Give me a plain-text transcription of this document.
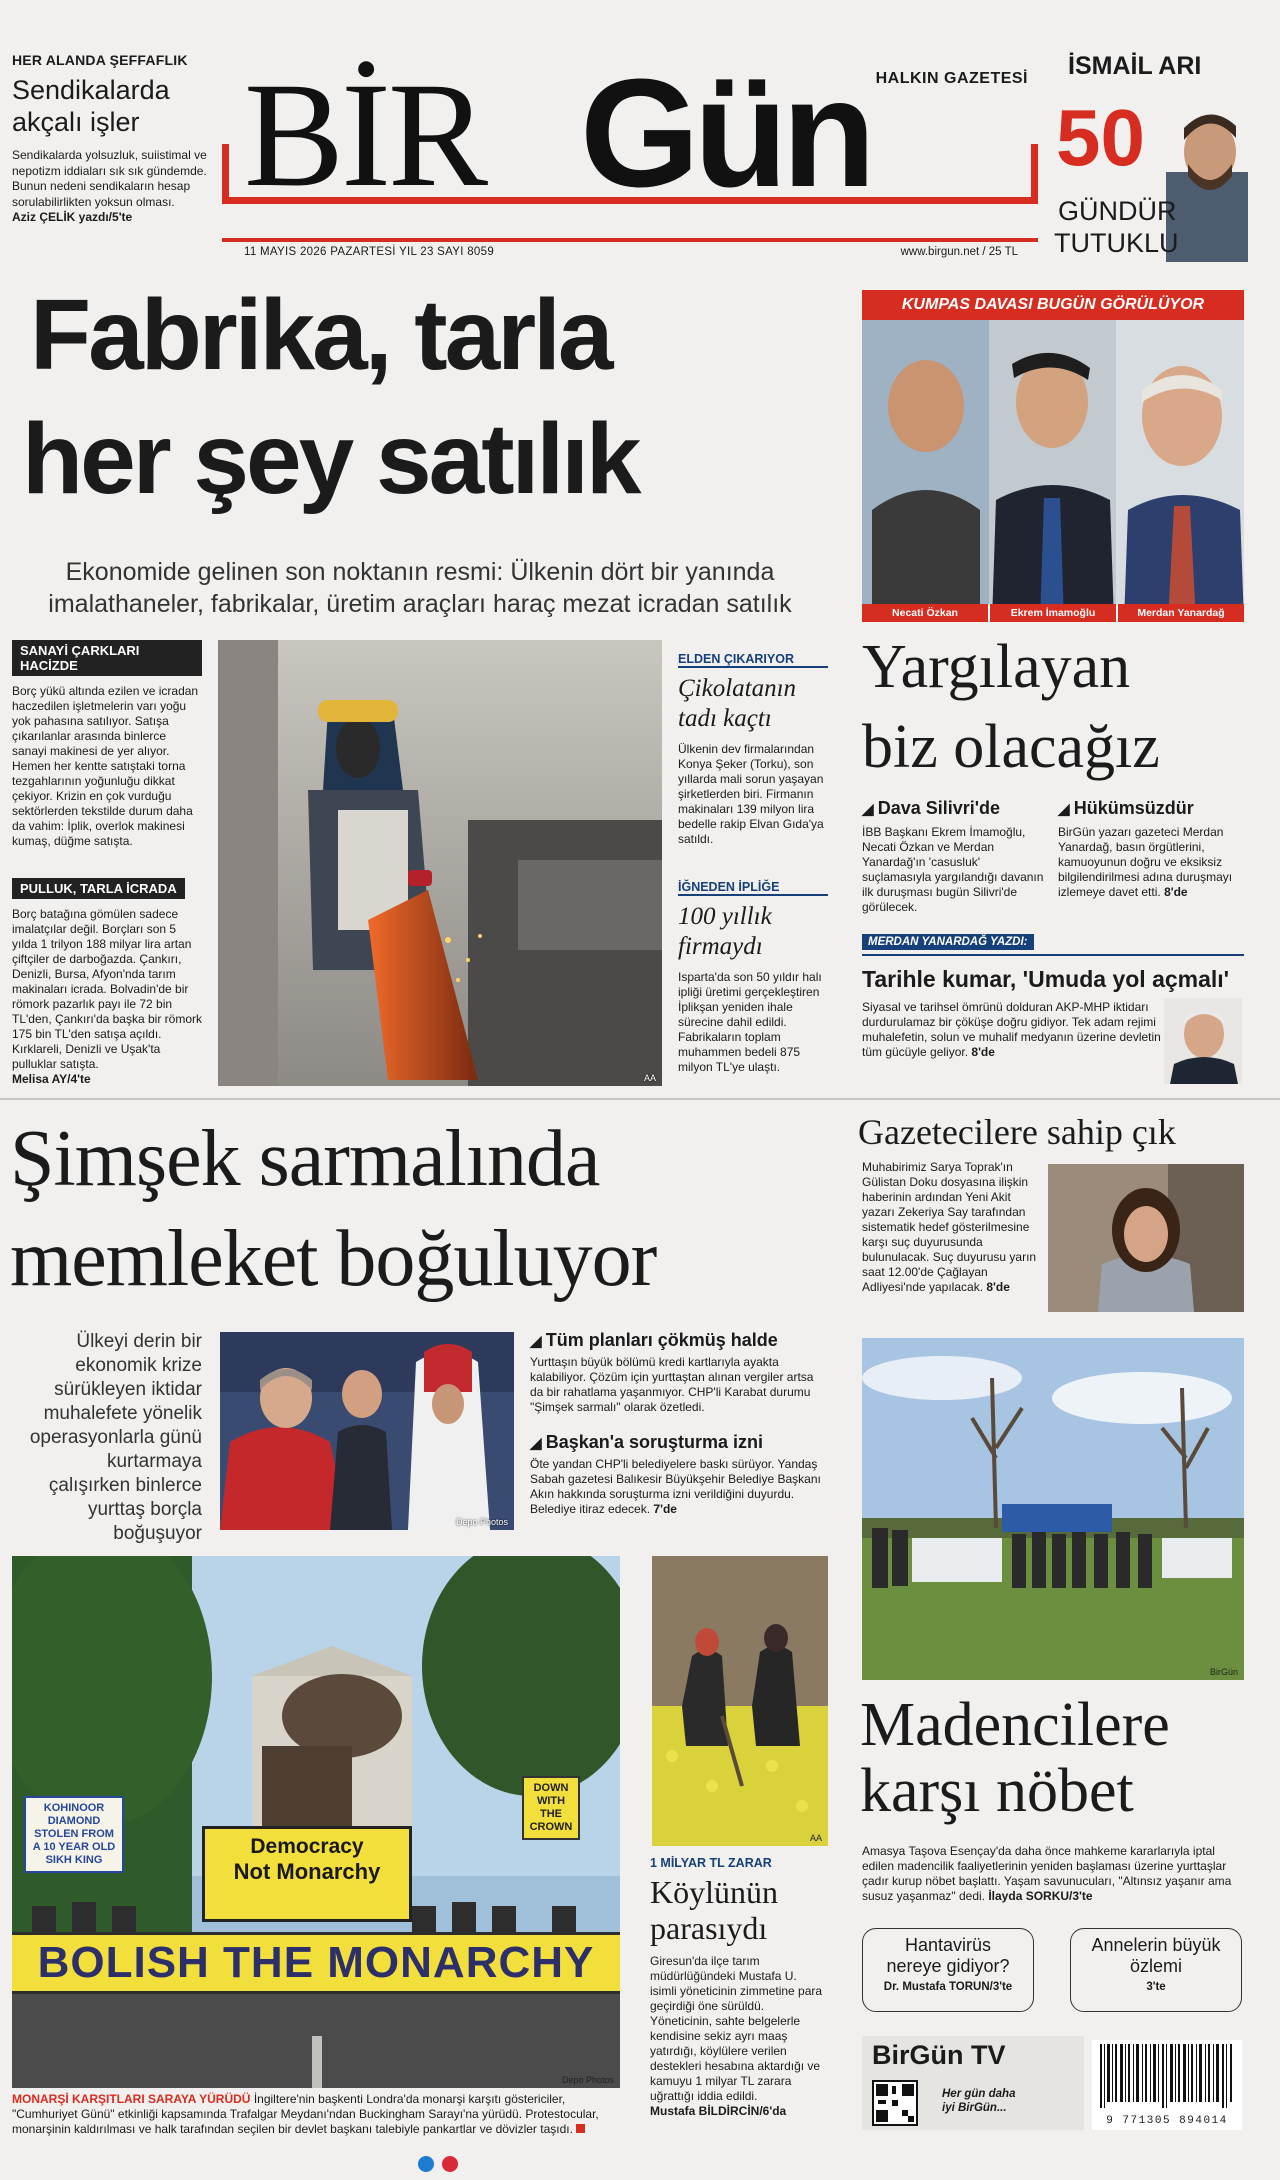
HER ALANDA ŞEFFAFLIK
Sendikalarda akçalı işler
Sendikalarda yolsuzluk, suiistimal ve nepotizm iddiaları sık sık gündemde. Bunun nedeni sendikaların hesap sorulabilirlikten yoksun olması.
Aziz ÇELİK yazdı/5'te BİR Gün HALKIN GAZETESİ
11 MAYIS 2026 PAZARTESİ YIL 23 SAYI 8059	www.birgun.net / 25 TL
İSMAİL ARI
50
GÜNDÜR
TUTUKLU
Fabrika, tarla
her şey satılık
Ekonomide gelinen son noktanın resmi: Ülkenin dört bir yanında imalathaneler, fabrikalar, üretim araçları haraç mezat icradan satılık
SANAYİ ÇARKLARI HACİZDE
Borç yükü altında ezilen ve icradan haczedilen işletmelerin varı yoğu yok pahasına satılıyor. Satışa çıkarılanlar arasında binlerce sanayi makinesi de yer alıyor. Hemen her kentte satıştaki torna tezgahlarının yoğunluğu dikkat çekiyor. Krizin en çok vurduğu sektörlerden tekstilde durum daha da vahim: İplik, overlok makinesi kumaş, düğme satışta.
PULLUK, TARLA İCRADA
Borç batağına gömülen sadece imalatçılar değil. Borçları son 5 yılda 1 trilyon 188 milyar lira artan çiftçiler de darboğazda. Çankırı, Denizli, Bursa, Afyon'nda tarım makinaları icrada. Bolvadin'de bir römork pazarlık payı ile 72 bin TL'den, Çankırı'da başka bir römork 175 bin TL'den satışa açıldı. Kırklareli, Denizli ve Uşak'ta pulluklar satışta.
Melisa AY/4'te	AA
ELDEN ÇIKARIYOR
Çikolatanın tadı kaçtı
Ülkenin dev firmalarından Konya Şeker (Torku), son yıllarda mali sorun yaşayan şirketlerden biri. Firmanın makinaları 139 milyon lira bedelle rakip Elvan Gıda'ya satıldı.
İĞNEDEN İPLİĞE
100 yıllık firmaydı
Isparta'da son 50 yıldır halı ipliği üretimi gerçekleştiren İplikşan yeniden ihale sürecine dahil edildi. Fabrikaların toplam muhammen bedeli 875 milyon TL'ye ulaştı.
KUMPAS DAVASI BUGÜN GÖRÜLÜYOR
Necati Özkan	Ekrem İmamoğlu	Merdan Yanardağ
Yargılayan
biz olacağız
◢ Dava Silivri'de
İBB Başkanı Ekrem İmamoğlu, Necati Özkan ve Merdan Yanardağ'ın 'casusluk' suçlamasıyla yargılandığı davanın ilk duruşması bugün Silivri'de görülecek.
◢ Hükümsüzdür
BirGün yazarı gazeteci Merdan Yanardağ, basın örgütlerini, kamuoyunun doğru ve eksiksiz bilgilendirilmesi adına duruşmayı izlemeye davet etti. 8'de
MERDAN YANARDAĞ YAZDI:
Tarihle kumar, 'Umuda yol açmalı'
Siyasal ve tarihsel ömrünü dolduran AKP-MHP iktidarı durdurulamaz bir çöküşe doğru gidiyor. Tek adam rejimi muhalefetin, solun ve muhalif medyanın üzerine devletin tüm gücüyle geliyor. 8'de
Şimşek sarmalında
memleket boğuluyor
Ülkeyi derin bir ekonomik krize sürükleyen iktidar muhalefete yönelik operasyonlarla günü kurtarmaya çalışırken binlerce yurttaş borçla boğuşuyor
Depo Photos
◢ Tüm planları çökmüş halde
Yurttaşın büyük bölümü kredi kartlarıyla ayakta kalabiliyor. Çözüm için yurttaştan alınan vergiler artsa da bir rahatlama yaşanmıyor. CHP'li Karabat durumu "Şimşek sarmalı" olarak özetledi.
◢ Başkan'a soruşturma izni
Öte yandan CHP'li belediyelere baskı sürüyor. Yandaş Sabah gazetesi Balıkesir Büyükşehir Belediye Başkanı Akın hakkında soruşturma izni verildiğini duyurdu. Belediye itiraz edecek. 7'de
Gazetecilere sahip çık
Muhabirimiz Sarya Toprak'ın Gülistan Doku dosyasına ilişkin haberinin ardından Yeni Akit yazarı Zekeriya Say tarafından sistematik hedef gösterilmesine karşı suç duyurusunda bulunulacak. Suç duyurusu yarın saat 12.00'de Çağlayan Adliyesi'nde yapılacak. 8'de
BirGün
Democracy
Not Monarchy
KOHINOOR DIAMOND STOLEN FROM A 10 YEAR OLD SIKH KING
DOWN WITH THE CROWN
BOLISH THE MONARCHY
Depo Photos
MONARŞİ KARŞITLARI SARAYA YÜRÜDÜ İngiltere'nin başkenti Londra'da monarşi karşıtı göstericiler, "Cumhuriyet Günü" etkinliği kapsamında Trafalgar Meydanı'ndan Buckingham Sarayı'na yürüdü. Protestocular, monarşinin kaldırılması ve halk tarafından seçilen bir devlet başkanı talebiyle pankartlar ve dövizler taşıdı.
AA
1 MİLYAR TL ZARAR
Köylünün parasıydı
Giresun'da ilçe tarım müdürlüğündeki Mustafa U. isimli yöneticinin zimmetine para geçirdiği öne sürüldü. Yöneticinin, sahte belgelerle kendisine sekiz ayrı maaş yatırdığı, köylülere verilen destekleri hesabına aktardığı ve kamuyu 1 milyar TL zarara uğrattığı iddia edildi.
Mustafa BİLDİRCİN/6'da
Madencilere
karşı nöbet
Amasya Taşova Esençay'da daha önce mahkeme kararlarıyla iptal edilen madencilik faaliyetlerinin yeniden başlaması üzerine yurttaşlar çadır kurup nöbet başlattı. Yaşam savunucuları, "Altınsız yaşanır ama susuz yaşanmaz" dedi. İlayda SORKU/3'te
Hantavirüs nereye gidiyor?
Dr. Mustafa TORUN/3'te
Annelerin büyük özlemi
3'te
BirGün TV
Her gün daha
iyi BirGün...
9 771305 894014
